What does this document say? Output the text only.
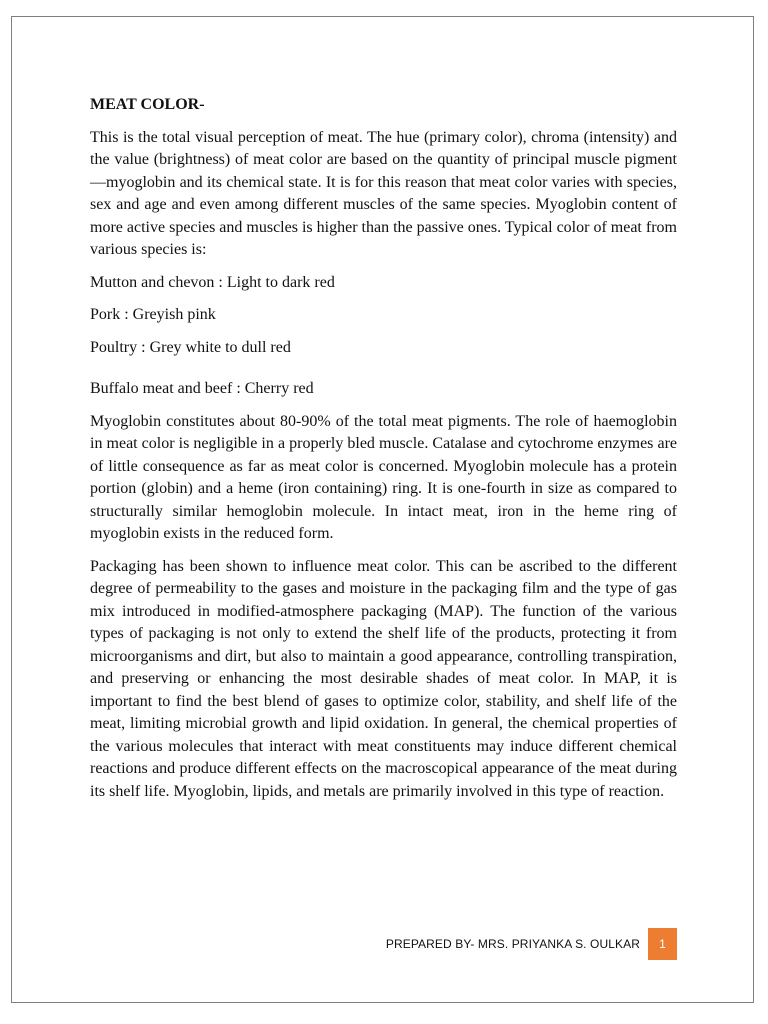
MEAT COLOR-

This is the total visual perception of meat. The hue (primary color), chroma (intensity) and the value (brightness) of meat color are based on the quantity of principal muscle pigment—myoglobin and its chemical state. It is for this reason that meat color varies with species, sex and age and even among different muscles of the same species. Myoglobin content of more active species and muscles is higher than the passive ones. Typical color of meat from various species is:

Mutton and chevon : Light to dark red
Pork : Greyish pink
Poultry : Grey white to dull red
Buffalo meat and beef : Cherry red

Myoglobin constitutes about 80-90% of the total meat pigments. The role of haemoglobin in meat color is negligible in a properly bled muscle. Catalase and cytochrome enzymes are of little consequence as far as meat color is concerned. Myoglobin molecule has a protein portion (globin) and a heme (iron containing) ring. It is one-fourth in size as compared to structurally similar hemoglobin molecule. In intact meat, iron in the heme ring of myoglobin exists in the reduced form.

Packaging has been shown to influence meat color. This can be ascribed to the different degree of permeability to the gases and moisture in the packaging film and the type of gas mix introduced in modified-atmosphere packaging (MAP). The function of the various types of packaging is not only to extend the shelf life of the products, protecting it from microorganisms and dirt, but also to maintain a good appearance, controlling transpiration, and preserving or enhancing the most desirable shades of meat color. In MAP, it is important to find the best blend of gases to optimize color, stability, and shelf life of the meat, limiting microbial growth and lipid oxidation. In general, the chemical properties of the various molecules that interact with meat constituents may induce different chemical reactions and produce different effects on the macroscopical appearance of the meat during its shelf life. Myoglobin, lipids, and metals are primarily involved in this type of reaction.

PREPARED BY- MRS. PRIYANKA S. OULKAR	1
